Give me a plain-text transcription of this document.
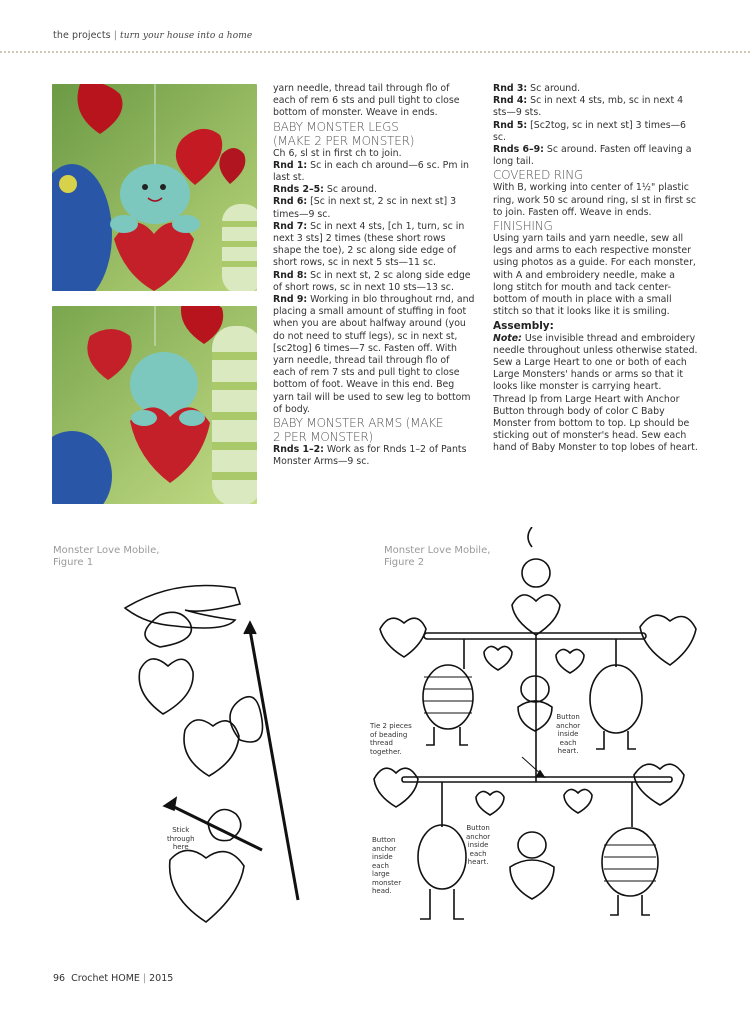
the projects | turn your house into a home

yarn needle, thread tail through flo of each of rem 6 sts and pull tight to close bottom of monster. Weave in ends.

BABY MONSTER LEGS
(MAKE 2 PER MONSTER)

Ch 6, sl st in first ch to join.

Rnd 1: Sc in each ch around—6 sc. Pm in last st.

Rnds 2–5: Sc around.

Rnd 6: [Sc in next st, 2 sc in next st] 3 times—9 sc.

Rnd 7: Sc in next 4 sts, [ch 1, turn, sc in next 3 sts] 2 times (these short rows shape the toe), 2 sc along side edge of short rows, sc in next 5 sts—11 sc.

Rnd 8: Sc in next st, 2 sc along side edge of short rows, sc in next 10 sts—13 sc.

Rnd 9: Working in blo throughout rnd, and placing a small amount of stuffing in foot when you are about halfway around (you do not need to stuff legs), sc in next st, [sc2tog] 6 times—7 sc. Fasten off. With yarn needle, thread tail through flo of each of rem 7 sts and pull tight to close bottom of foot. Weave in this end. Beg yarn tail will be used to sew leg to bottom of body.

BABY MONSTER ARMS (MAKE
2 PER MONSTER)

Rnds 1–2: Work as for Rnds 1–2 of Pants Monster Arms—9 sc.

Rnd 3: Sc around.

Rnd 4: Sc in next 4 sts, mb, sc in next 4 sts—9 sts.

Rnd 5: [Sc2tog, sc in next st] 3 times—6 sc.

Rnds 6–9: Sc around. Fasten off leaving a long tail.

COVERED RING

With B, working into center of 1½" plastic ring, work 50 sc around ring, sl st in first sc to join. Fasten off. Weave in ends.

FINISHING

Using yarn tails and yarn needle, sew all legs and arms to each respective monster using photos as a guide. For each monster, with A and embroidery needle, make a long stitch for mouth and tack center-bottom of mouth in place with a small stitch so that it looks like it is smiling.

Assembly:

Note: Use invisible thread and embroidery needle throughout unless otherwise stated. Sew a Large Heart to one or both of each Large Monsters' hands or arms so that it looks like monster is carrying heart.

Thread lp from Large Heart with Anchor Button through body of color C Baby Monster from bottom to top. Lp should be sticking out of monster's head. Sew each hand of Baby Monster to top lobes of heart.

Monster Love Mobile,
Figure 1
Monster Love Mobile,
Figure 2
Stick
through
here
Tie 2 pieces
of beading
thread
together.
Button
anchor
inside
each
heart.
Button
anchor
inside
each
large
monster
head.
Button
anchor
inside
each
heart.
96 Crochet HOME | 2015
